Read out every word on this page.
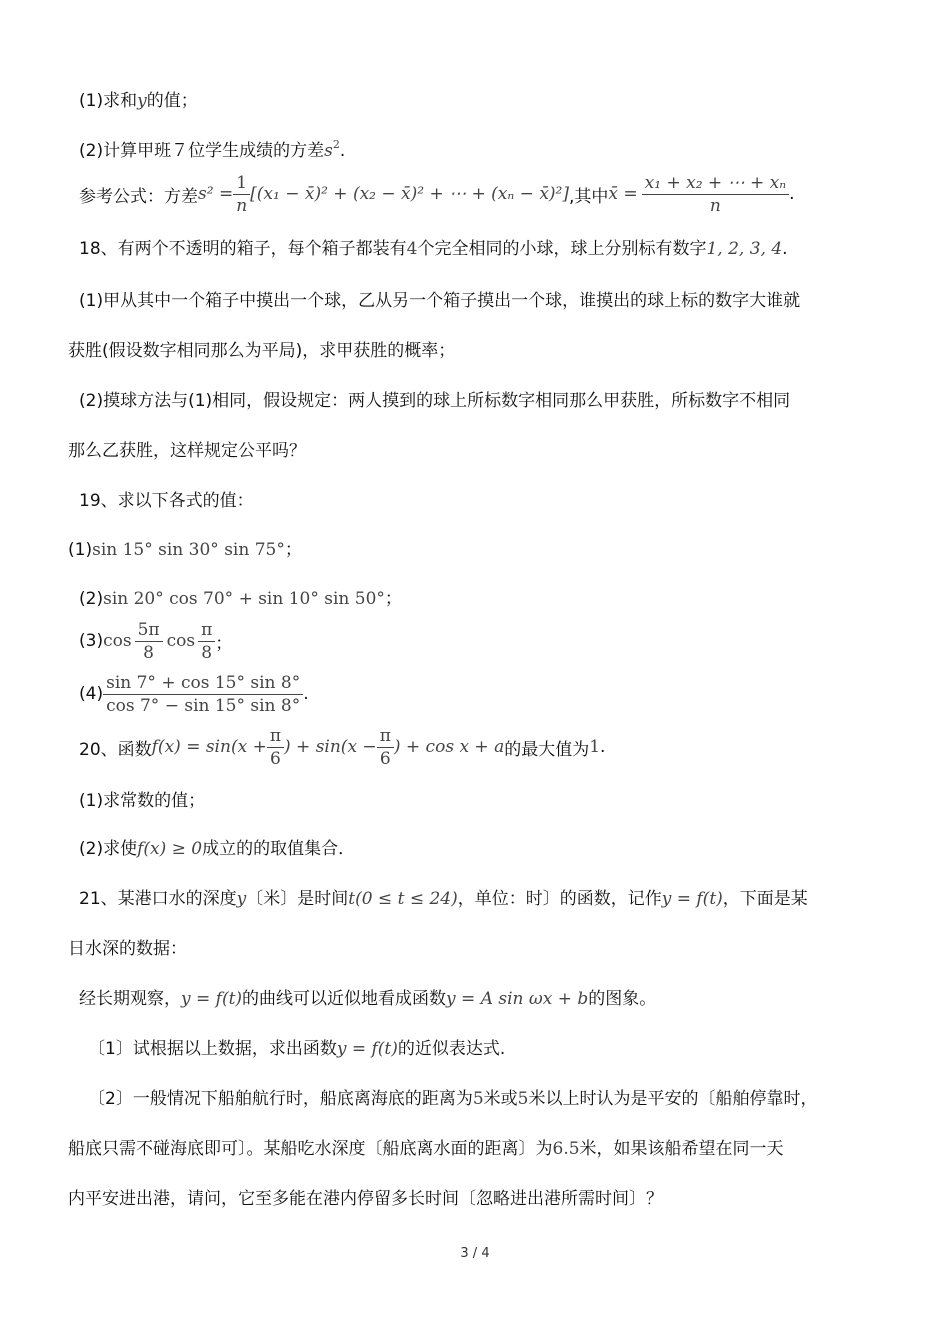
(1)求和y的值；
(2)计算甲班７位学生成绩的方差$s^2$.
参考公式：方差 $s^2 = \frac{1}{n} [(x_1$ − x̄)² + (x₂ − x̄)² + ⋯ + (xₙ − x̄)²] ,其中 x̄ = $\frac{\text{x₁ + x₂ + ⋯ + xₙ}}{n}$ .
18、有两个不透明的箱子，每个箱子都装有4个完全相同的小球，球上分别标有数字1, 2, 3, 4.
(1)甲从其中一个箱子中摸出一个球，乙从另一个箱子摸出一个球，谁摸出的球上标的数字大谁就
获胜(假设数字相同那么为平局)，求甲获胜的概率；
(2)摸球方法与(1)相同，假设规定：两人摸到的球上所标数字相同那么甲获胜，所标数字不相同
那么乙获胜，这样规定公平吗？
19、求以下各式的值：
(1)sin 15° sin 30° sin 75°；
(2)sin 20° cos 70° + sin 10° sin 50°；
(3) $\cos \frac{5\pi}{8}$ $\cos \frac{\pi}{8}$ ；
$(4) \frac{\sin 7^\circ + \cos 15^\circ \sin 8^\circ}{\cos 7^\circ - \sin 15^\circ \sin 8^\circ}$ .
20、函数 $f(x) = \sin(x + \frac{\pi}{6}$ ) + $\sin(x - \frac{\pi}{6}$ ) + cos x + a 的最大值为 1 .
(1)求常数的值；
(2)求使f(x) ≥ 0成立的的取值集合．
21、某港口水的深度y〔米〕是时间t(0 ≤ t ≤ 24)，单位：时〕的函数，记作y = f(t)，下面是某
日水深的数据：
经长期观察，y = f(t)的曲线可以近似地看成函数y = A sin ωx + b的图象。
〔1〕试根据以上数据，求出函数y = f(t)的近似表达式.
〔2〕一般情况下船舶航行时，船底离海底的距离为5米或5米以上时认为是平安的〔船舶停靠时，
船底只需不碰海底即可〕。某船吃水深度〔船底离水面的距离〕为6.5米，如果该船希望在同一天
内平安进出港，请问，它至多能在港内停留多长时间〔忽略进出港所需时间〕？
3 / 4
